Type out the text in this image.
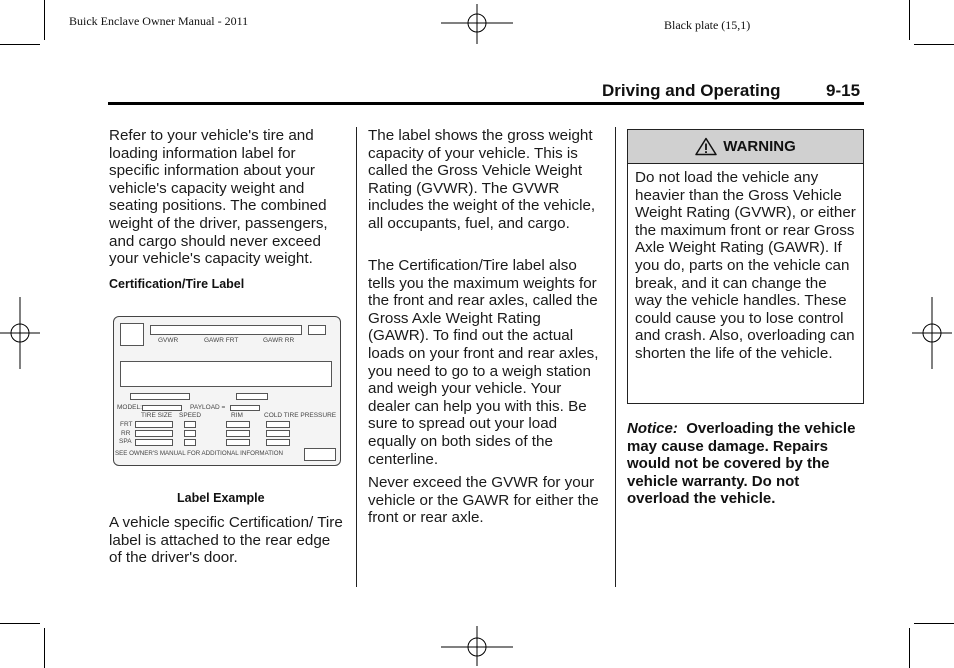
Buick Enclave Owner Manual - 2011	Black plate (15,1)
Driving and Operating	9-15
Refer to your vehicle's tire and loading information label for specific information about your vehicle's capacity weight and seating positions. The combined weight of the driver, passengers, and cargo should never exceed your vehicle's capacity weight.
Certification/Tire Label
GVWR	GAWR FRT	GAWR RR
MODEL:	PAYLOAD =
TIRE SIZE SPEED	RIM	COLD TIRE PRESSURE
FRT
RR
SPA
SEE OWNER'S MANUAL FOR ADDITIONAL INFORMATION
Label Example
A vehicle specific Certification/ Tire label is attached to the rear edge of the driver's door.
The label shows the gross weight capacity of your vehicle. This is called the Gross Vehicle Weight Rating (GVWR). The GVWR includes the weight of the vehicle, all occupants, fuel, and cargo.
The Certification/Tire label also tells you the maximum weights for the front and rear axles, called the Gross Axle Weight Rating (GAWR). To find out the actual loads on your front and rear axles, you need to go to a weigh station and weigh your vehicle. Your dealer can help you with this. Be sure to spread out your load equally on both sides of the centerline.
Never exceed the GVWR for your vehicle or the GAWR for either the front or rear axle.
WARNING
Do not load the vehicle any heavier than the Gross Vehicle Weight Rating (GVWR), or either the maximum front or rear Gross Axle Weight Rating (GAWR). If you do, parts on the vehicle can break, and it can change the way the vehicle handles. These could cause you to lose control and crash. Also, overloading can shorten the life of the vehicle.
Notice: Overloading the vehicle may cause damage. Repairs would not be covered by the vehicle warranty. Do not overload the vehicle.
